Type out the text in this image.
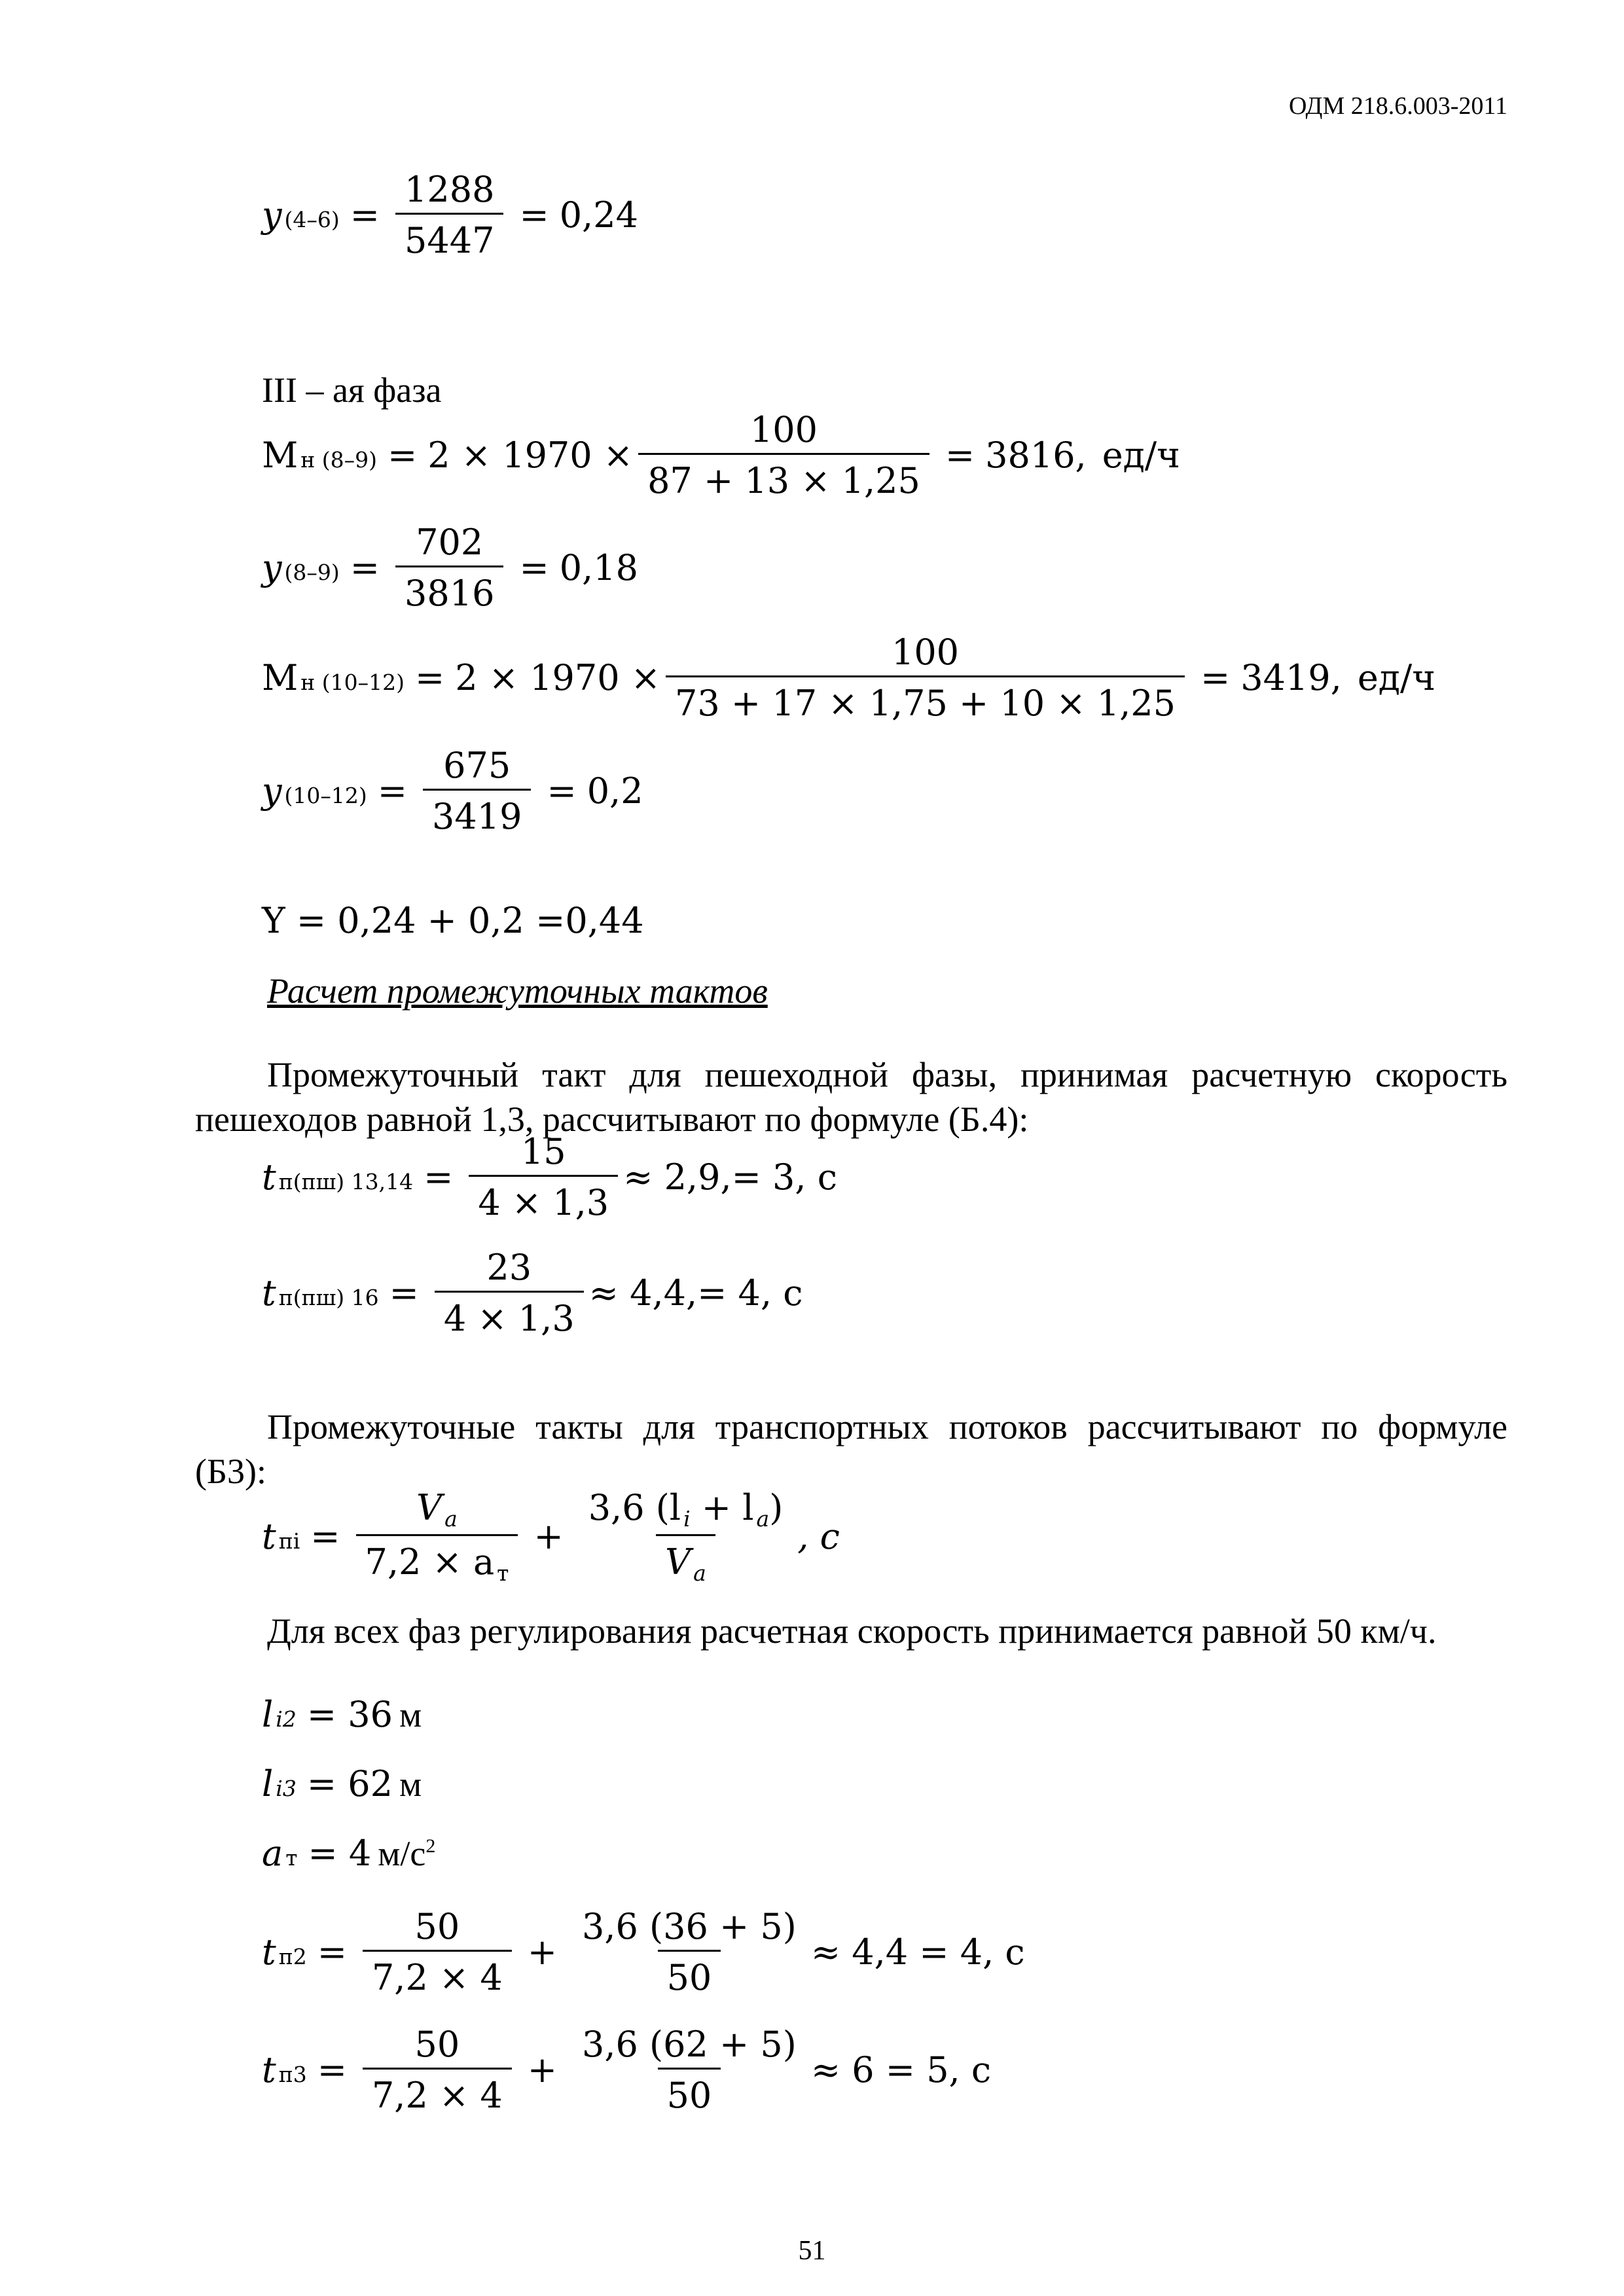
ОДМ 218.6.003-2011
y $(4-6) = \frac{1288}{5447} = 0,24$
III – ая фаза
M н $(8-9) = 2 \times 1970 \times \frac{100}{87 + 13 \times 1,25} = 3816$, ед/ч
y $(8-9) = \frac{702}{3816} = 0,18$
M н $(10-12) = 2 \times 1970 \times \frac{100}{73 + 17 \times 1,75 + 10 \times 1,25} = 3419$, ед/ч
y $(10-12) = \frac{675}{3419} = 0,2$
Y = 0,24 + 0,2 =0,44
Расчет промежуточных тактов
Промежуточный такт для пешеходной фазы, принимая расчетную скорость пешеходов равной 1,3, рассчитывают по формуле (Б.4):
t п(пш) $13,14 = \frac{15}{4 \times 1,3} \approx 2,9,= 3$, с
t п(пш) $16 = \frac{23}{4 \times 1,3} \approx 4,4,= 4$, с
Промежуточные такты для транспортных потоков рассчитывают по формуле (Б3):
t пi = $\frac{V _a}{7,2 \times a _т} + \frac{3,6 (l _i + l _a)}{V _a}$ , c
Для всех фаз регулирования расчетная скорость принимается равной 50 км/ч.
l i2 = 36 м
l i3 = 62 м
a т = 4 $м/с^2$
t $п2 = \frac{50}{7,2 \times 4} + \frac{3,6 (36 + 5)}{50} \approx 4,4 = 4$, с
t $п3 = \frac{50}{7,2 \times 4} + \frac{3,6 (62 + 5)}{50} \approx 6 = 5$, с
51
